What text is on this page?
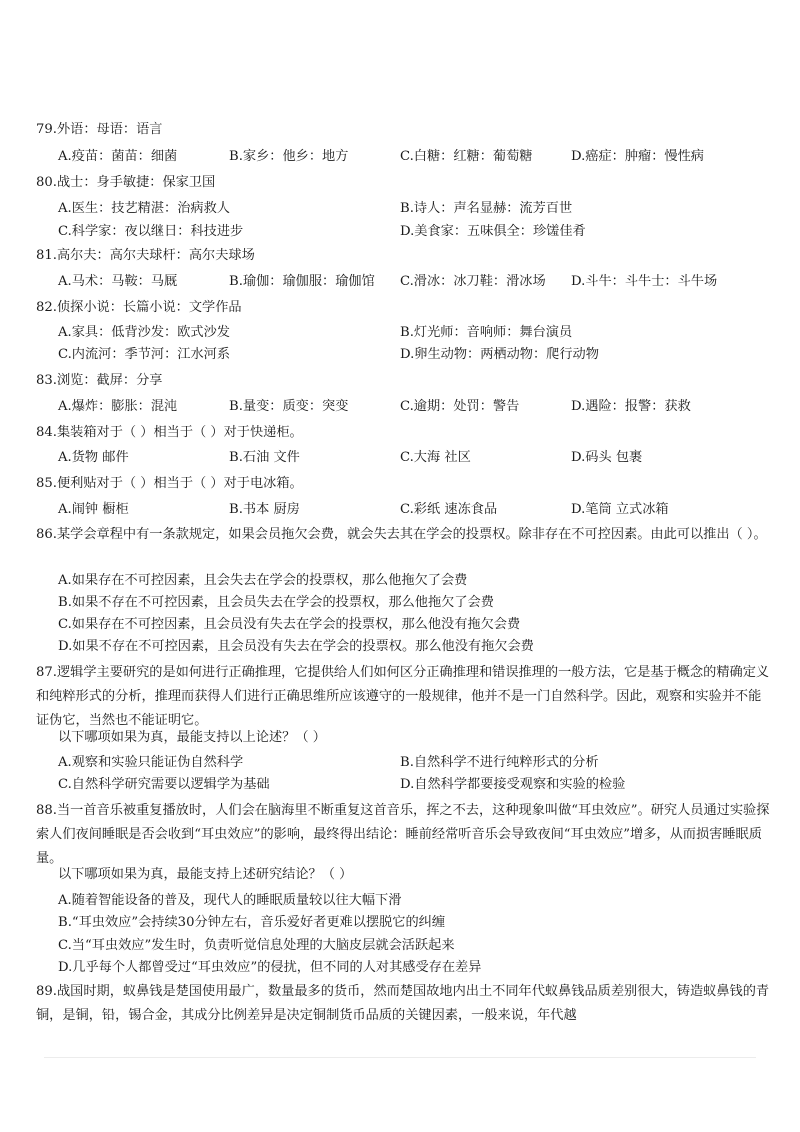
79.外语：母语：语言
A.疫苗：菌苗：细菌	B.家乡：他乡：地方	C.白糖：红糖：葡萄糖	D.癌症：肿瘤：慢性病
80.战士：身手敏捷：保家卫国
A.医生：技艺精湛：治病救人	B.诗人：声名显赫：流芳百世
C.科学家：夜以继日：科技进步	D.美食家：五味俱全：珍馐佳肴
81.高尔夫：高尔夫球杆：高尔夫球场
A.马术：马鞍：马厩	B.瑜伽：瑜伽服：瑜伽馆 C.滑冰：冰刀鞋：滑冰场 D.斗牛：斗牛士：斗牛场
82.侦探小说：长篇小说：文学作品
A.家具：低背沙发：欧式沙发	B.灯光师：音响师：舞台演员
C.内流河：季节河：江水河系	D.卵生动物：两栖动物：爬行动物
83.浏览：截屏：分享
A.爆炸：膨胀：混沌	B.量变：质变：突变	C.逾期：处罚：警告	D.遇险：报警：获救
84.集装箱对于（ ）相当于（ ）对于快递柜。
A.货物 邮件	B.石油 文件	C.大海 社区	D.码头 包裹
85.便利贴对于（ ）相当于（ ）对于电冰箱。
A.闹钟 橱柜	B.书本 厨房	C.彩纸 速冻食品	D.笔筒 立式冰箱
86.某学会章程中有一条款规定，如果会员拖欠会费，就会失去其在学会的投票权。除非存在不可控因素。由此可以推出（ ）。
A.如果存在不可控因素，且会失去在学会的投票权，那么他拖欠了会费
B.如果不存在不可控因素，且会员失去在学会的投票权，那么他拖欠了会费
C.如果存在不可控因素，且会员没有失去在学会的投票权，那么他没有拖欠会费
D.如果不存在不可控因素，且会员没有失去在学会的投票权。那么他没有拖欠会费
87.逻辑学主要研究的是如何进行正确推理，它提供给人们如何区分正确推理和错误推理的一般方法，它是基于概念的精确定义和纯粹形式的分析，推理而获得人们进行正确思维所应该遵守的一般规律，他并不是一门自然科学。因此，观察和实验并不能证伪它，当然也不能证明它。
以下哪项如果为真，最能支持以上论述？（ ）
A.观察和实验只能证伪自然科学	B.自然科学不进行纯粹形式的分析
C.自然科学研究需要以逻辑学为基础	D.自然科学都要接受观察和实验的检验
88.当一首音乐被重复播放时，人们会在脑海里不断重复这首音乐，挥之不去，这种现象叫做“耳虫效应”。研究人员通过实验探索人们夜间睡眠是否会收到“耳虫效应”的影响，最终得出结论：睡前经常听音乐会导致夜间“耳虫效应”增多，从而损害睡眠质量。
以下哪项如果为真，最能支持上述研究结论？（ ）
A.随着智能设备的普及，现代人的睡眠质量较以往大幅下滑
B.“耳虫效应”会持续30分钟左右，音乐爱好者更难以摆脱它的纠缠
C.当“耳虫效应”发生时，负责听觉信息处理的大脑皮层就会活跃起来
D.几乎每个人都曾受过“耳虫效应”的侵扰，但不同的人对其感受存在差异
89.战国时期，蚁鼻钱是楚国使用最广，数量最多的货币，然而楚国故地内出土不同年代蚁鼻钱品质差别很大，铸造蚁鼻钱的青铜，是铜，铅，锡合金，其成分比例差异是决定铜制货币品质的关键因素，一般来说，年代越
